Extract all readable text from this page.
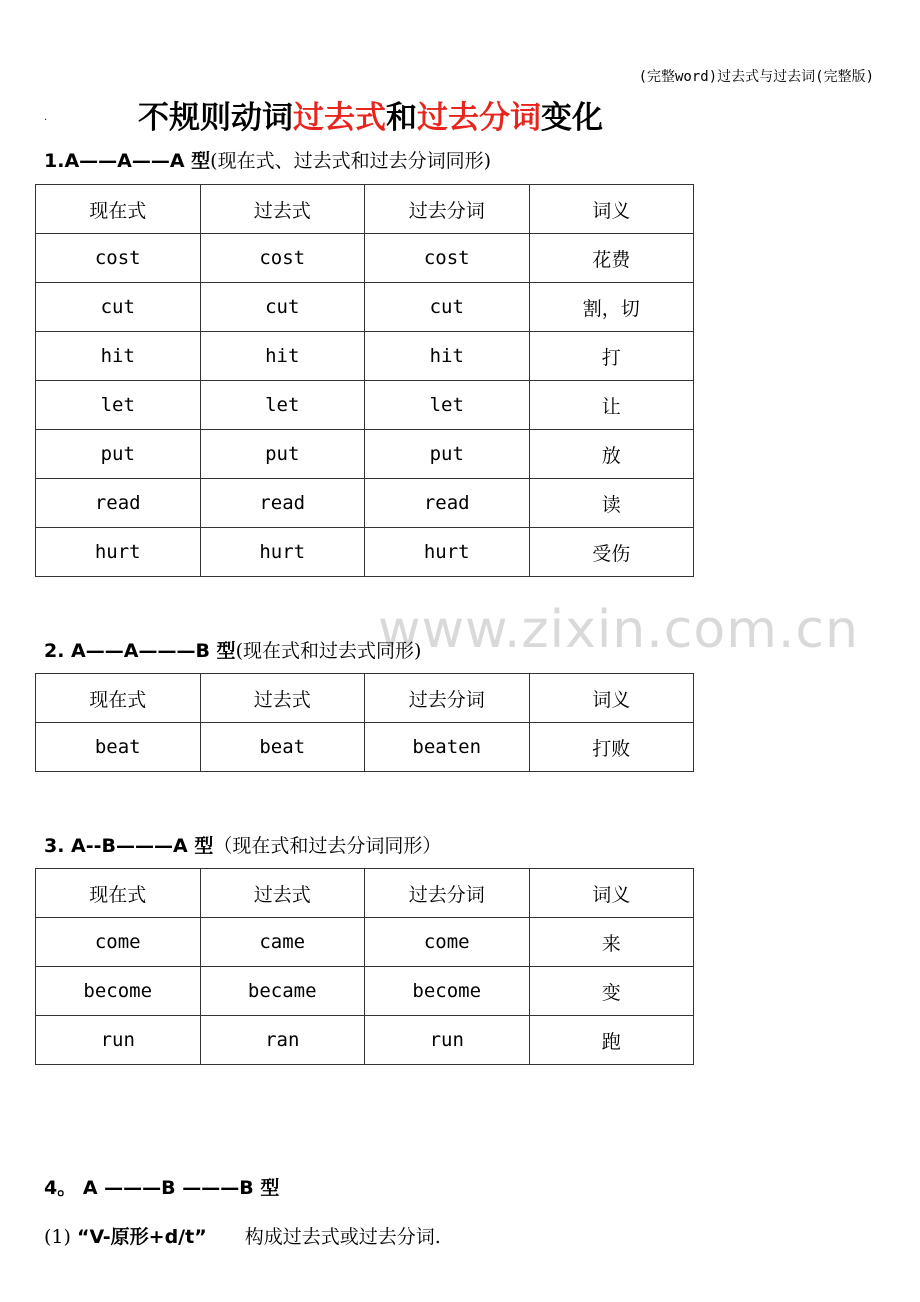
(完整word)过去式与过去词(完整版)
.	不规则动词过去式和过去分词变化
www.zixin.com.cn
1.A——A——A 型(现在式、过去式和过去分词同形)
现在式	过去式	过去分词	词义
cost	cost	cost	花费
cut	cut	cut	割，切
hit	hit	hit	打
let	let	let	让
put	put	put	放
read	read	read	读
hurt	hurt	hurt	受伤
2. A——A———B 型(现在式和过去式同形)
现在式	过去式	过去分词	词义
beat	beat	beaten	打败
3. A--B———A 型（现在式和过去分词同形）
现在式	过去式	过去分词	词义
come	came	come	来
become	became	become	变
run	ran	run	跑
4。 A ———B ———B 型
(1) “V-原形+d/t” 构成过去式或过去分词.
